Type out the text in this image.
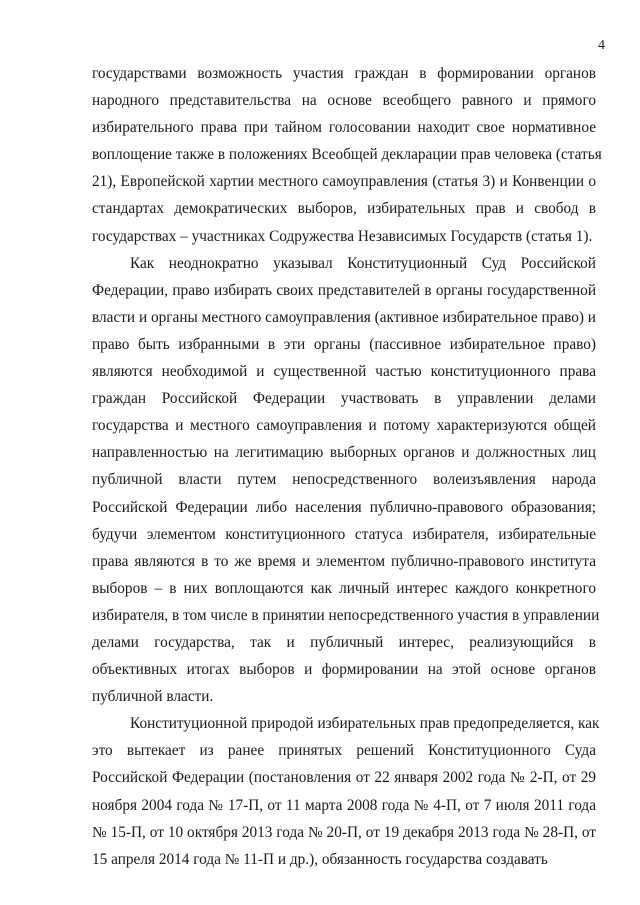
4
государствами возможность участия граждан в формировании органов
народного представительства на основе всеобщего равного и прямого
избирательного права при тайном голосовании находит свое нормативное
воплощение также в положениях Всеобщей декларации прав человека (статья
21), Европейской хартии местного самоуправления (статья 3) и Конвенции о
стандартах демократических выборов, избирательных прав и свобод в
государствах – участниках Содружества Независимых Государств (статья 1).
Как неоднократно указывал Конституционный Суд Российской
Федерации, право избирать своих представителей в органы государственной
власти и органы местного самоуправления (активное избирательное право) и
право быть избранными в эти органы (пассивное избирательное право)
являются необходимой и существенной частью конституционного права
граждан Российской Федерации участвовать в управлении делами
государства и местного самоуправления и потому характеризуются общей
направленностью на легитимацию выборных органов и должностных лиц
публичной власти путем непосредственного волеизъявления народа
Российской Федерации либо населения публично-правового образования;
будучи элементом конституционного статуса избирателя, избирательные
права являются в то же время и элементом публично-правового института
выборов – в них воплощаются как личный интерес каждого конкретного
избирателя, в том числе в принятии непосредственного участия в управлении
делами государства, так и публичный интерес, реализующийся в
объективных итогах выборов и формировании на этой основе органов
публичной власти.
Конституционной природой избирательных прав предопределяется, как
это вытекает из ранее принятых решений Конституционного Суда
Российской Федерации (постановления от 22 января 2002 года № 2-П, от 29
ноября 2004 года № 17-П, от 11 марта 2008 года № 4-П, от 7 июля 2011 года
№ 15-П, от 10 октября 2013 года № 20-П, от 19 декабря 2013 года № 28-П, от
15 апреля 2014 года № 11-П и др.), обязанность государства создавать
